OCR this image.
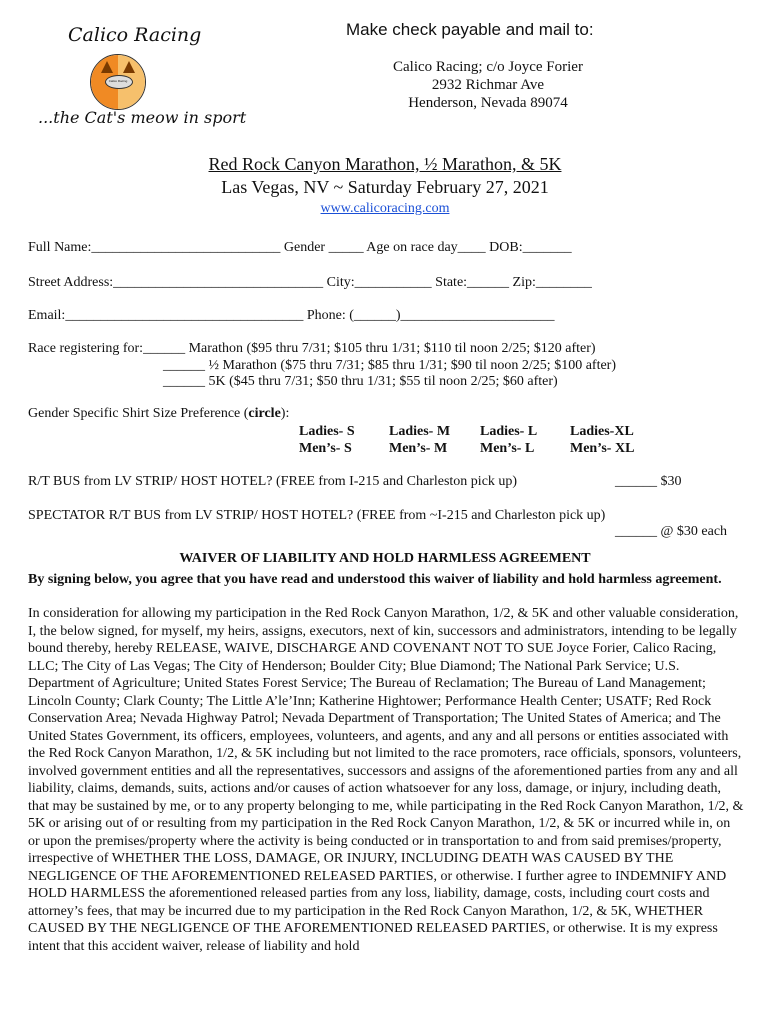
Calico Racing
Calico Racing
...the Cat's meow in sport
Make check payable and mail to:
Calico Racing; c/o Joyce Forier
2932 Richmar Ave
Henderson, Nevada 89074
Red Rock Canyon Marathon, ½ Marathon, & 5K
Las Vegas, NV ~ Saturday February 27, 2021
www.calicoracing.com
Full Name:___________________________ Gender _____ Age on race day____ DOB:_______
Street Address:______________________________ City:___________ State:______ Zip:________
Email:__________________________________ Phone: (______)______________________
Race registering for:______ Marathon ($95 thru 7/31; $105 thru 1/31; $110 til noon 2/25; $120 after)
______ ½ Marathon ($75 thru 7/31; $85 thru 1/31; $90 til noon 2/25; $100 after)
______ 5K ($45 thru 7/31; $50 thru 1/31; $55 til noon 2/25; $60 after)
Gender Specific Shirt Size Preference (circle):
Ladies- S Ladies- M Ladies- L Ladies-XL
Men’s- S	Men’s- M Men’s- L	Men’s- XL
R/T BUS from LV STRIP/ HOST HOTEL? (FREE from I-215 and Charleston pick up)	______ $30
SPECTATOR R/T BUS from LV STRIP/ HOST HOTEL? (FREE from ~I-215 and Charleston pick up)
______ @ $30 each
WAIVER OF LIABILITY AND HOLD HARMLESS AGREEMENT
By signing below, you agree that you have read and understood this waiver of liability and hold harmless agreement.
In consideration for allowing my participation in the Red Rock Canyon Marathon, 1/2, & 5K and other valuable consideration, I, the below signed, for myself, my heirs, assigns, executors, next of kin, successors and administrators, intending to be legally bound thereby, hereby RELEASE, WAIVE, DISCHARGE AND COVENANT NOT TO SUE Joyce Forier, Calico Racing, LLC; The City of Las Vegas; The City of Henderson; Boulder City; Blue Diamond; The National Park Service; U.S. Department of Agriculture; United States Forest Service; The Bureau of Reclamation; The Bureau of Land Management; Lincoln County; Clark County; The Little A’le’Inn; Katherine Hightower; Performance Health Center; USATF; Red Rock Conservation Area; Nevada Highway Patrol; Nevada Department of Transportation; The United States of America; and The United States Government, its officers, employees, volunteers, and agents, and any and all persons or entities associated with the Red Rock Canyon Marathon, 1/2, & 5K including but not limited to the race promoters, race officials, sponsors, volunteers, involved government entities and all the representatives, successors and assigns of the aforementioned parties from any and all liability, claims, demands, suits, actions and/or causes of action whatsoever for any loss, damage, or injury, including death, that may be sustained by me, or to any property belonging to me, while participating in the Red Rock Canyon Marathon, 1/2, & 5K or arising out of or resulting from my participation in the Red Rock Canyon Marathon, 1/2, & 5K or incurred while in, on or upon the premises/property where the activity is being conducted or in transportation to and from said premises/property, irrespective of WHETHER THE LOSS, DAMAGE, OR INJURY, INCLUDING DEATH WAS CAUSED BY THE NEGLIGENCE OF THE AFOREMENTIONED RELEASED PARTIES, or otherwise. I further agree to INDEMNIFY AND HOLD HARMLESS the aforementioned released parties from any loss, liability, damage, costs, including court costs and attorney’s fees, that may be incurred due to my participation in the Red Rock Canyon Marathon, 1/2, & 5K, WHETHER CAUSED BY THE NEGLIGENCE OF THE AFOREMENTIONED RELEASED PARTIES, or otherwise. It is my express intent that this accident waiver, release of liability and hold
